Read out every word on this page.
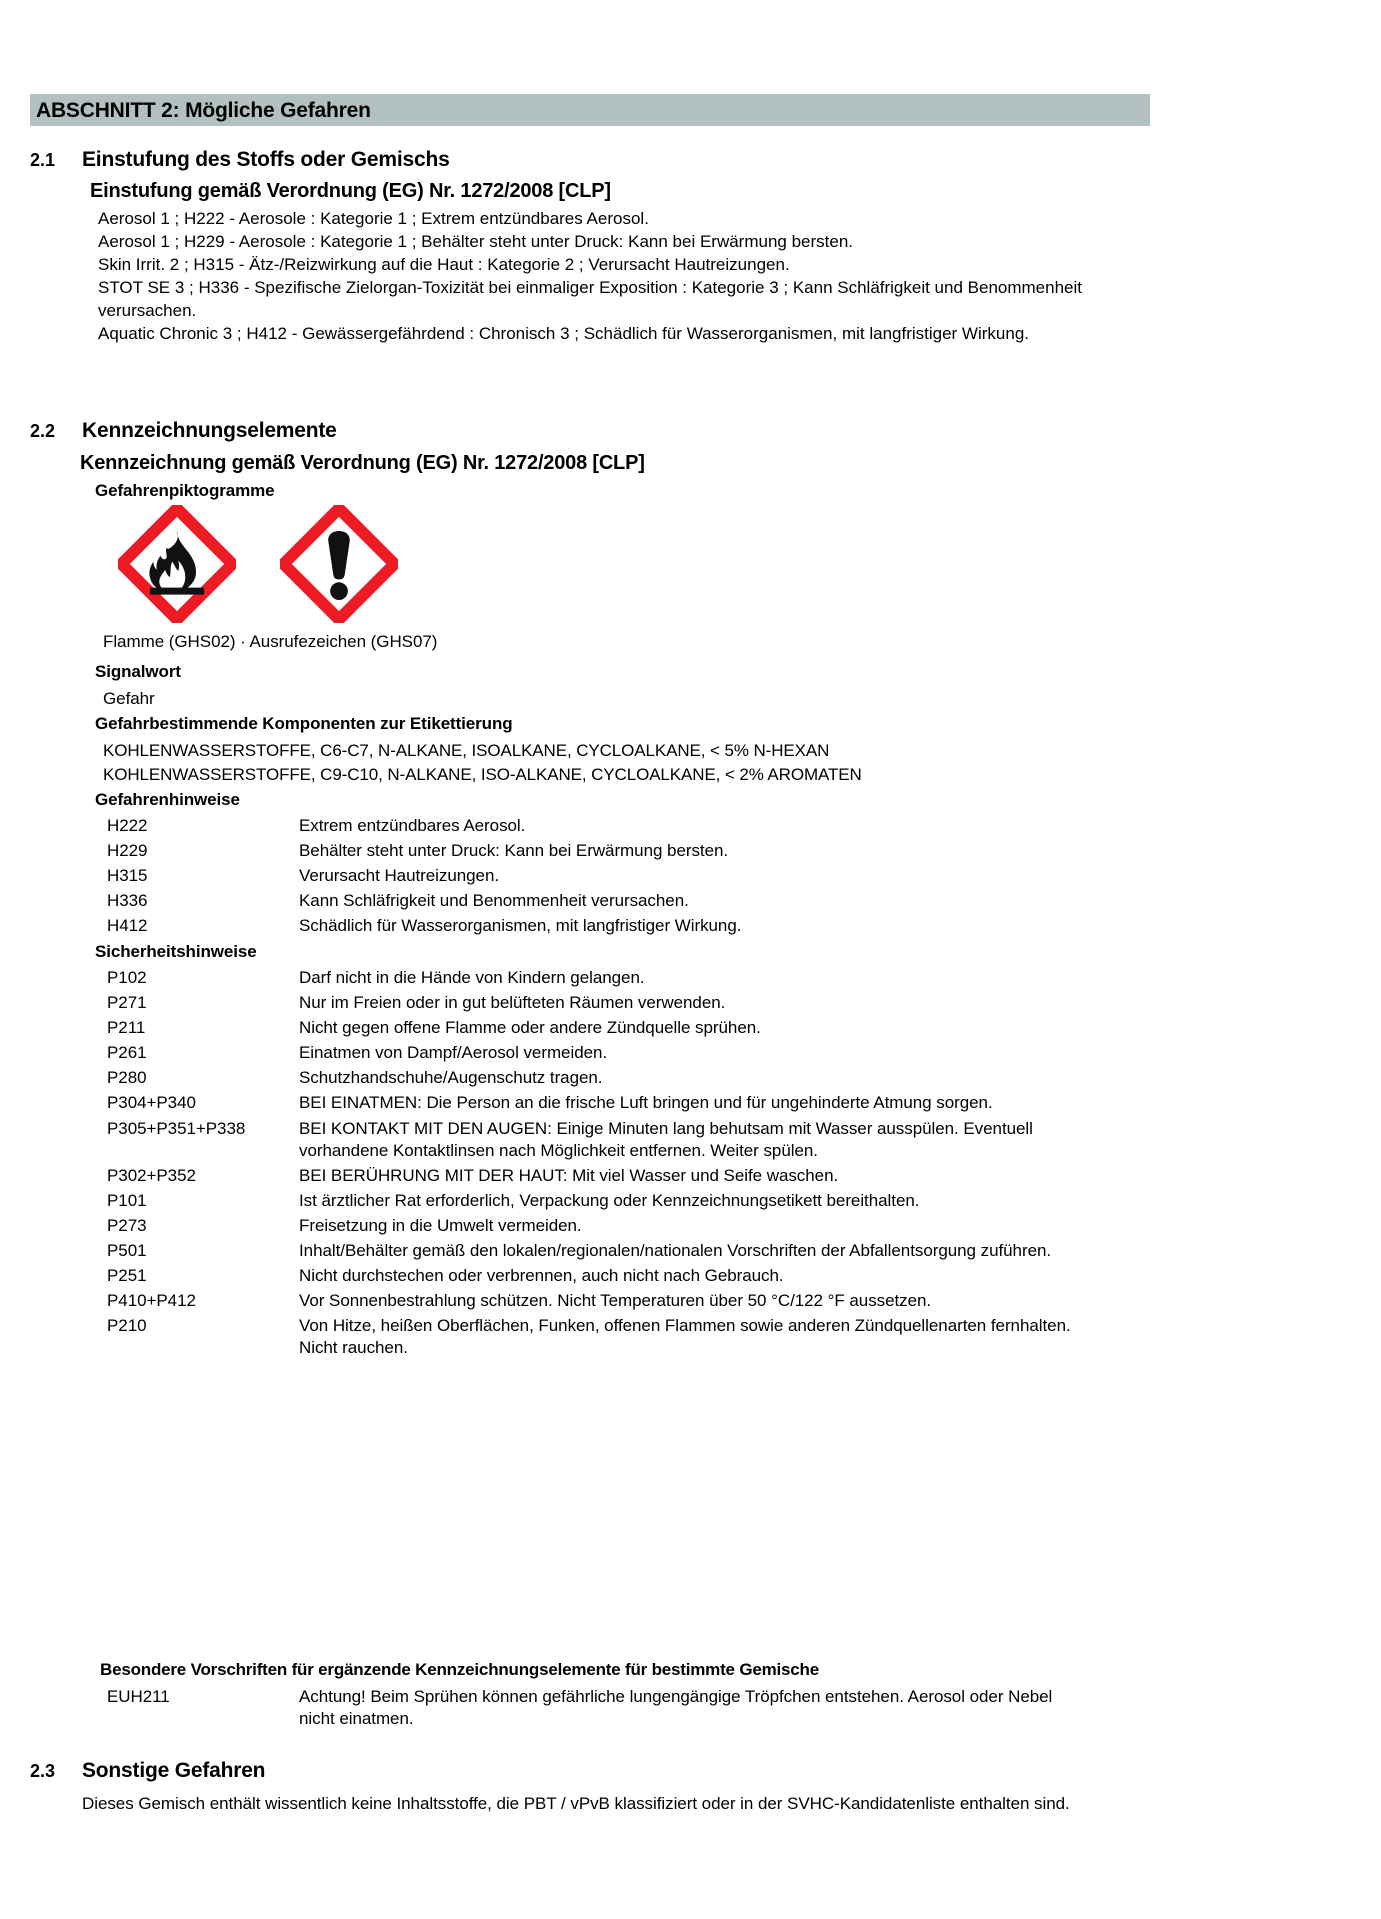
ABSCHNITT 2: Mögliche Gefahren
2.1	Einstufung des Stoffs oder Gemischs
Einstufung gemäß Verordnung (EG) Nr. 1272/2008 [CLP]
Aerosol 1 ; H222 - Aerosole : Kategorie 1 ; Extrem entzündbares Aerosol.
Aerosol 1 ; H229 - Aerosole : Kategorie 1 ; Behälter steht unter Druck: Kann bei Erwärmung bersten.
Skin Irrit. 2 ; H315 - Ätz-/Reizwirkung auf die Haut : Kategorie 2 ; Verursacht Hautreizungen.
STOT SE 3 ; H336 - Spezifische Zielorgan-Toxizität bei einmaliger Exposition : Kategorie 3 ; Kann Schläfrigkeit und Benommenheit verursachen.
Aquatic Chronic 3 ; H412 - Gewässergefährdend : Chronisch 3 ; Schädlich für Wasserorganismen, mit langfristiger Wirkung.
2.2	Kennzeichnungselemente
Kennzeichnung gemäß Verordnung (EG) Nr. 1272/2008 [CLP]
Gefahrenpiktogramme
Flamme (GHS02) · Ausrufezeichen (GHS07)
Signalwort
Gefahr
Gefahrbestimmende Komponenten zur Etikettierung
KOHLENWASSERSTOFFE, C6-C7, N-ALKANE, ISOALKANE, CYCLOALKANE, < 5% N-HEXAN
KOHLENWASSERSTOFFE, C9-C10, N-ALKANE, ISO-ALKANE, CYCLOALKANE, < 2% AROMATEN
Gefahrenhinweise
H222	Extrem entzündbares Aerosol.
H229	Behälter steht unter Druck: Kann bei Erwärmung bersten.
H315	Verursacht Hautreizungen.
H336	Kann Schläfrigkeit und Benommenheit verursachen.
H412	Schädlich für Wasserorganismen, mit langfristiger Wirkung.
Sicherheitshinweise
P102	Darf nicht in die Hände von Kindern gelangen.
P271	Nur im Freien oder in gut belüfteten Räumen verwenden.
P211	Nicht gegen offene Flamme oder andere Zündquelle sprühen.
P261	Einatmen von Dampf/Aerosol vermeiden.
P280	Schutzhandschuhe/Augenschutz tragen.
P304+P340	BEI EINATMEN: Die Person an die frische Luft bringen und für ungehinderte Atmung sorgen.
P305+P351+P338	BEI KONTAKT MIT DEN AUGEN: Einige Minuten lang behutsam mit Wasser ausspülen. Eventuell vorhandene Kontaktlinsen nach Möglichkeit entfernen. Weiter spülen.
P302+P352	BEI BERÜHRUNG MIT DER HAUT: Mit viel Wasser und Seife waschen.
P101	Ist ärztlicher Rat erforderlich, Verpackung oder Kennzeichnungsetikett bereithalten.
P273	Freisetzung in die Umwelt vermeiden.
P501	Inhalt/Behälter gemäß den lokalen/regionalen/nationalen Vorschriften der Abfallentsorgung zuführen.
P251	Nicht durchstechen oder verbrennen, auch nicht nach Gebrauch.
P410+P412	Vor Sonnenbestrahlung schützen. Nicht Temperaturen über 50 °C/122 °F aussetzen.
P210	Von Hitze, heißen Oberflächen, Funken, offenen Flammen sowie anderen Zündquellenarten fernhalten. Nicht rauchen.
Besondere Vorschriften für ergänzende Kennzeichnungselemente für bestimmte Gemische
EUH211	Achtung! Beim Sprühen können gefährliche lungengängige Tröpfchen entstehen. Aerosol oder Nebel nicht einatmen.
2.3	Sonstige Gefahren
Dieses Gemisch enthält wissentlich keine Inhaltsstoffe, die PBT / vPvB klassifiziert oder in der SVHC-Kandidatenliste enthalten sind.
